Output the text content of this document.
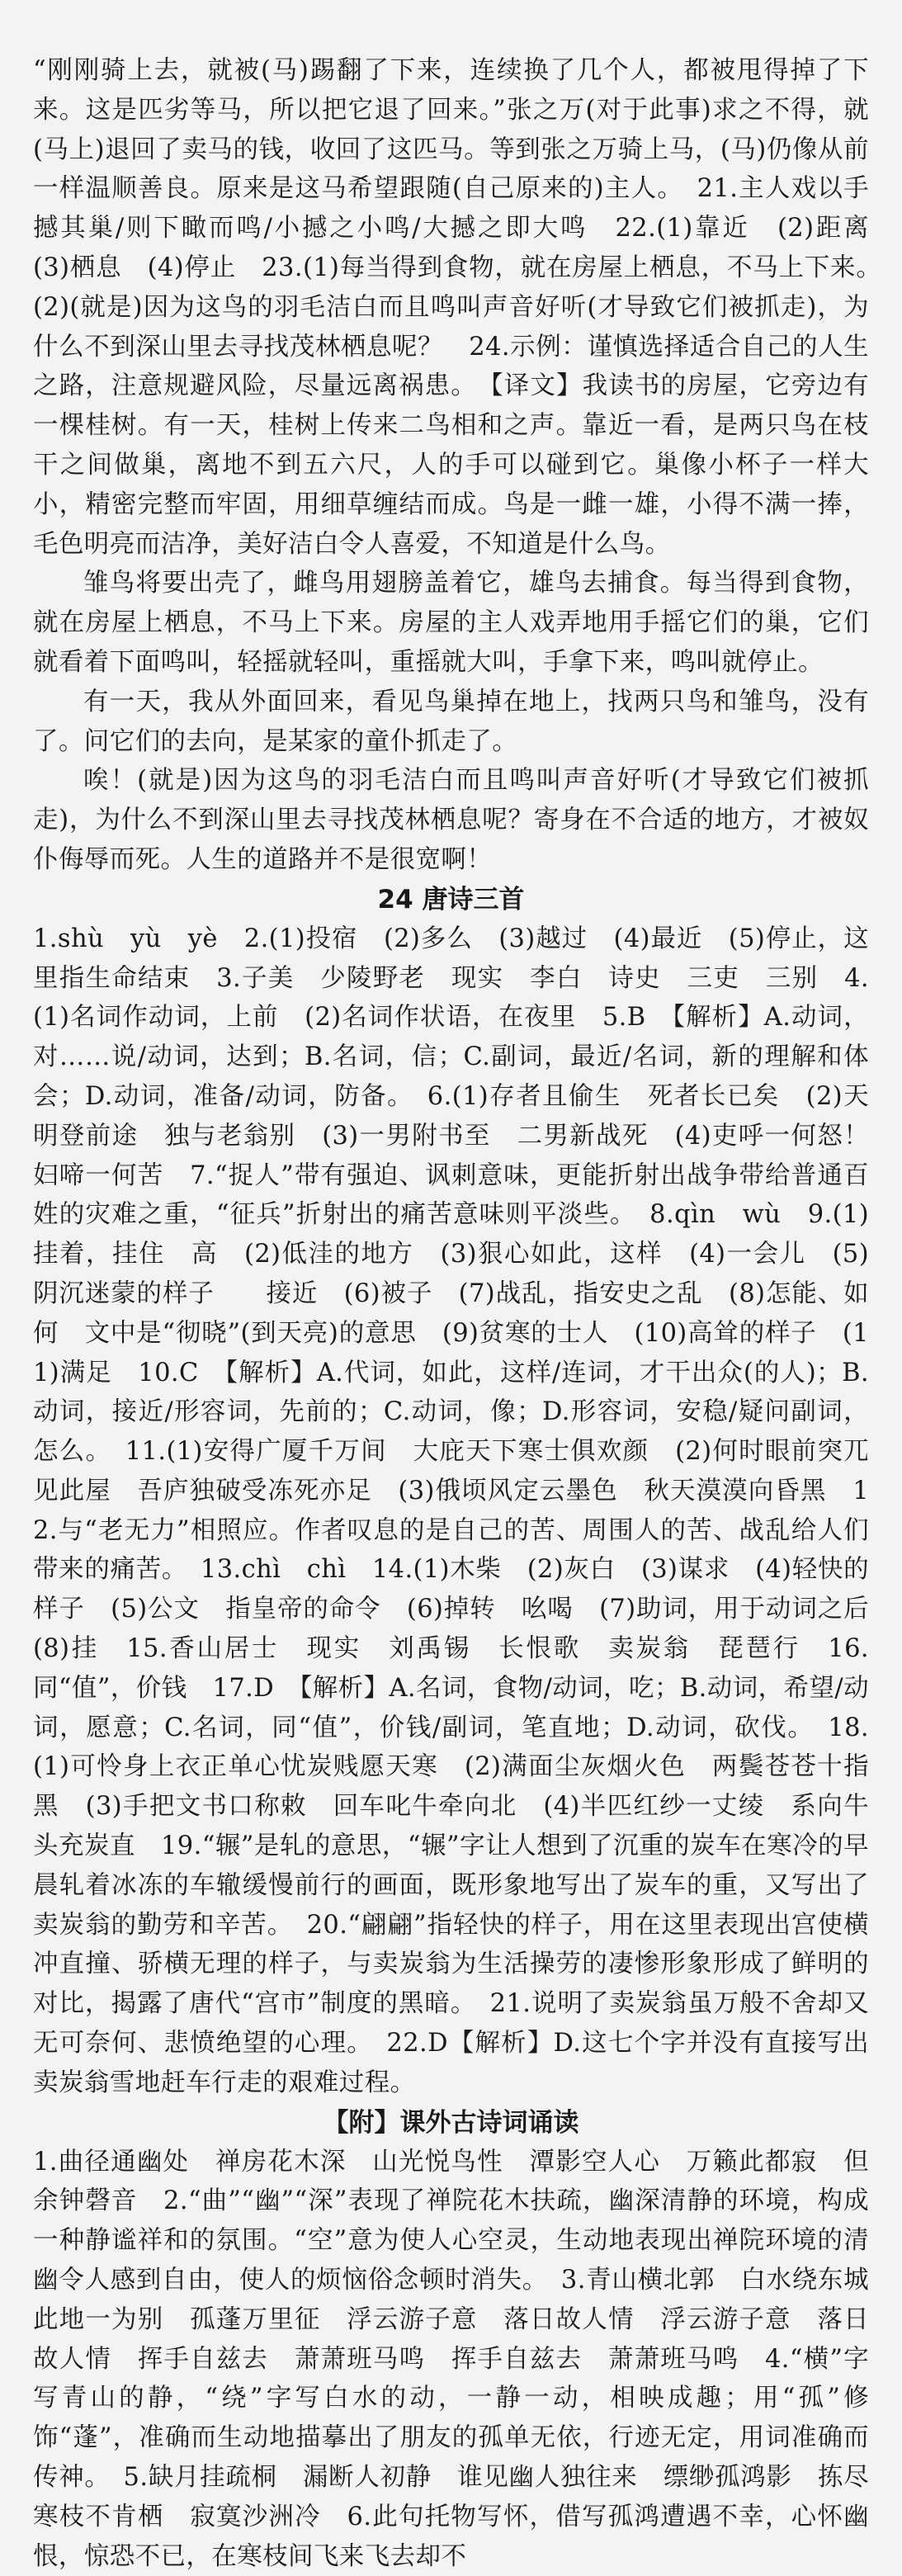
“刚刚骑上去，就被(马)踢翻了下来，连续换了几个人，都被甩得掉了下来。这是匹劣等马，所以把它退了回来。”张之万(对于此事)求之不得，就(马上)退回了卖马的钱，收回了这匹马。等到张之万骑上马，(马)仍像从前一样温顺善良。原来是这马希望跟随(自己原来的)主人。　21.主人戏以手撼其巢/则下瞰而鸣/小撼之小鸣/大撼之即大鸣　22.(1)靠近　(2)距离　(3)栖息　(4)停止　23.(1)每当得到食物，就在房屋上栖息，不马上下来。　(2)(就是)因为这鸟的羽毛洁白而且鸣叫声音好听(才导致它们被抓走)，为什么不到深山里去寻找茂林栖息呢？　24.示例：谨慎选择适合自己的人生之路，注意规避风险，尽量远离祸患。　【译文】我读书的房屋，它旁边有一棵桂树。有一天，桂树上传来二鸟相和之声。靠近一看，是两只鸟在枝干之间做巢，离地不到五六尺，人的手可以碰到它。巢像小杯子一样大小，精密完整而牢固，用细草缠结而成。鸟是一雌一雄，小得不满一捧，毛色明亮而洁净，美好洁白令人喜爱，不知道是什么鸟。

雏鸟将要出壳了，雌鸟用翅膀盖着它，雄鸟去捕食。每当得到食物，就在房屋上栖息，不马上下来。房屋的主人戏弄地用手摇它们的巢，它们就看着下面鸣叫，轻摇就轻叫，重摇就大叫，手拿下来，鸣叫就停止。

有一天，我从外面回来，看见鸟巢掉在地上，找两只鸟和雏鸟，没有了。问它们的去向，是某家的童仆抓走了。

唉！(就是)因为这鸟的羽毛洁白而且鸣叫声音好听(才导致它们被抓走)，为什么不到深山里去寻找茂林栖息呢？寄身在不合适的地方，才被奴仆侮辱而死。人生的道路并不是很宽啊！

24 唐诗三首

1.shù　yù　yè　2.(1)投宿　(2)多么　(3)越过　(4)最近　(5)停止，这里指生命结束　3.子美　少陵野老　现实　李白　诗史　三吏　三别　4.(1)名词作动词，上前　(2)名词作状语，在夜里　5.B　【解析】A.动词，对……说/动词，达到；B.名词，信；C.副词，最近/名词，新的理解和体会；D.动词，准备/动词，防备。　6.(1)存者且偷生　死者长已矣　(2)天明登前途　独与老翁别　(3)一男附书至　二男新战死　(4)吏呼一何怒！妇啼一何苦　7.“捉人”带有强迫、讽刺意味，更能折射出战争带给普通百姓的灾难之重，“征兵”折射出的痛苦意味则平淡些。　8.qìn　wù　9.(1)挂着，挂住　高　(2)低洼的地方　(3)狠心如此，这样　(4)一会儿　(5)　阴沉迷蒙的样子　　接近　(6)被子　(7)战乱，指安史之乱　(8)怎能、如何　文中是“彻晓”(到天亮)的意思　(9)贫寒的士人　(10)高耸的样子　(11)满足　10.C　【解析】A.代词，如此，这样/连词，才干出众(的人)；B.动词，接近/形容词，先前的；C.动词，像；D.形容词，安稳/疑问副词，怎么。　11.(1)安得广厦千万间　大庇天下寒士俱欢颜　(2)何时眼前突兀见此屋　吾庐独破受冻死亦足　(3)俄顷风定云墨色　秋天漠漠向昏黑　12.与“老无力”相照应。作者叹息的是自己的苦、周围人的苦、战乱给人们带来的痛苦。　13.chì　chì　14.(1)木柴　(2)灰白　(3)谋求　(4)轻快的样子　(5)公文　指皇帝的命令　(6)掉转　吆喝　(7)助词，用于动词之后(8)挂　15.香山居士　现实　刘禹锡　长恨歌　卖炭翁　琵琶行　16.同“值”，价钱　17.D　【解析】A.名词，食物/动词，吃；B.动词，希望/动词，愿意；C.名词，同“值”，价钱/副词，笔直地；D.动词，砍伐。　18.(1)可怜身上衣正单心忧炭贱愿天寒　(2)满面尘灰烟火色　两鬓苍苍十指黑　(3)手把文书口称敕　回车叱牛牵向北　(4)半匹红纱一丈绫　系向牛头充炭直　19.“辗”是轧的意思，“辗”字让人想到了沉重的炭车在寒冷的早晨轧着冰冻的车辙缓慢前行的画面，既形象地写出了炭车的重，又写出了卖炭翁的勤劳和辛苦。　20.“翩翩”指轻快的样子，用在这里表现出宫使横冲直撞、骄横无理的样子，与卖炭翁为生活操劳的凄惨形象形成了鲜明的对比，揭露了唐代“宫市”制度的黑暗。　21.说明了卖炭翁虽万般不舍却又无可奈何、悲愤绝望的心理。　22.D【解析】D.这七个字并没有直接写出卖炭翁雪地赶车行走的艰难过程。

【附】课外古诗词诵读

1.曲径通幽处　禅房花木深　山光悦鸟性　潭影空人心　万籁此都寂　但余钟磬音　2.“曲”“幽”“深”表现了禅院花木扶疏，幽深清静的环境，构成一种静谧祥和的氛围。“空”意为使人心空灵，生动地表现出禅院环境的清幽令人感到自由，使人的烦恼俗念顿时消失。　3.青山横北郭　白水绕东城　此地一为别　孤蓬万里征　浮云游子意　落日故人情　浮云游子意　落日故人情　挥手自兹去　萧萧班马鸣　挥手自兹去　萧萧班马鸣　4.“横”字写青山的静，“绕”字写白水的动，一静一动，相映成趣；用“孤”修饰“蓬”，准确而生动地描摹出了朋友的孤单无依，行迹无定，用词准确而传神。　5.缺月挂疏桐　漏断人初静　谁见幽人独往来　缥缈孤鸿影　拣尽寒枝不肯栖　寂寞沙洲冷　6.此句托物写怀，借写孤鸿遭遇不幸，心怀幽恨，惊恐不已，在寒枝间飞来飞去却不
